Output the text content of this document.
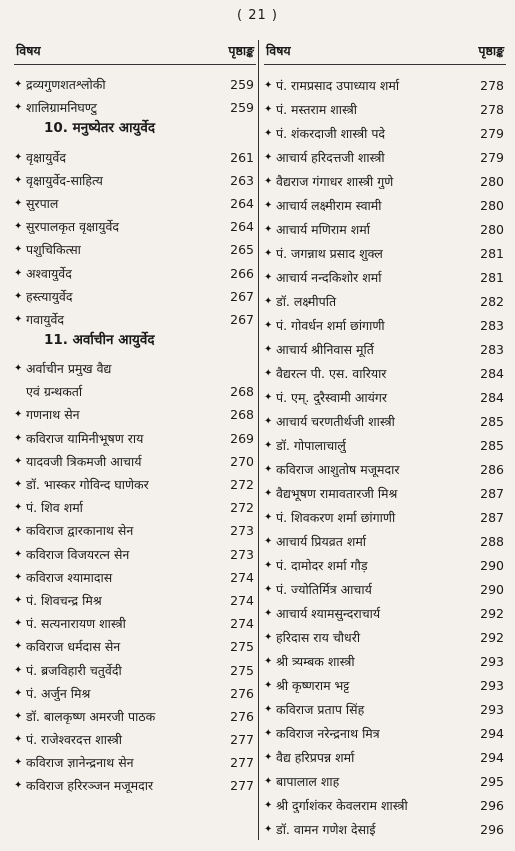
( 21 )
विषय	पृष्ठाङ्क
✦ द्रव्यगुणशतश्लोकी	259
✦ शालिग्रामनिघण्टु	259
10. मनुष्येतर आयुर्वेद
✦ वृक्षायुर्वेद	261
✦ वृक्षायुर्वेद-साहित्य	263
✦ सुरपाल	264
✦ सुरपालकृत वृक्षायुर्वेद	264
✦ पशुचिकित्सा	265
✦ अश्वायुर्वेद	266
✦ हस्त्यायुर्वेद	267
✦ गवायुर्वेद	267
11. अर्वाचीन आयुर्वेद
✦ अर्वाचीन प्रमुख वैद्य
एवं ग्रन्थकर्ता	268
✦ गणनाथ सेन	268
✦ कविराज यामिनीभूषण राय	269
✦ यादवजी त्रिकमजी आचार्य	270
✦ डॉ. भास्कर गोविन्द घाणेकर	272
✦ पं. शिव शर्मा	272
✦ कविराज द्वारकानाथ सेन	273
✦ कविराज विजयरत्न सेन	273
✦ कविराज श्यामादास	274
✦ पं. शिवचन्द्र मिश्र	274
✦ पं. सत्यनारायण शास्त्री	274
✦ कविराज धर्मदास सेन	275
✦ पं. ब्रजविहारी चतुर्वेदी	275
✦ पं. अर्जुन मिश्र	276
✦ डॉ. बालकृष्ण अमरजी पाठक	276
✦ पं. राजेश्वरदत्त शास्त्री	277
✦ कविराज ज्ञानेन्द्रनाथ सेन	277
✦ कविराज हरिरञ्जन मजूमदार	277
विषय	पृष्ठाङ्क
✦ पं. रामप्रसाद उपाध्याय शर्मा	278
✦ पं. मस्तराम शास्त्री	278
✦ पं. शंकरदाजी शास्त्री पदे	279
✦ आचार्य हरिदत्तजी शास्त्री	279
✦ वैद्यराज गंगाधर शास्त्री गुणे	280
✦ आचार्य लक्ष्मीराम स्वामी	280
✦ आचार्य मणिराम शर्मा	280
✦ पं. जगन्नाथ प्रसाद शुक्ल	281
✦ आचार्य नन्दकिशोर शर्मा	281
✦ डॉ. लक्ष्मीपति	282
✦ पं. गोवर्धन शर्मा छांगाणी	283
✦ आचार्य श्रीनिवास मूर्ति	283
✦ वैद्यरत्न पी. एस. वारियार	284
✦ पं. एम्. दुरैस्वामी आयंगर	284
✦ आचार्य चरणतीर्थजी शास्त्री	285
✦ डॉ. गोपालाचार्लु	285
✦ कविराज आशुतोष मजूमदार	286
✦ वैद्यभूषण रामावतारजी मिश्र	287
✦ पं. शिवकरण शर्मा छांगाणी	287
✦ आचार्य प्रियव्रत शर्मा	288
✦ पं. दामोदर शर्मा गौड़	290
✦ पं. ज्योतिर्मित्र आचार्य	290
✦ आचार्य श्यामसुन्दराचार्य	292
✦ हरिदास राय चौधरी	292
✦ श्री त्र्यम्बक शास्त्री	293
✦ श्री कृष्णराम भट्ट	293
✦ कविराज प्रताप सिंह	293
✦ कविराज नरेन्द्रनाथ मित्र	294
✦ वैद्य हरिप्रपन्न शर्मा	294
✦ बापालाल शाह	295
✦ श्री दुर्गाशंकर केवलराम शास्त्री	296
✦ डॉ. वामन गणेश देसाई	296
